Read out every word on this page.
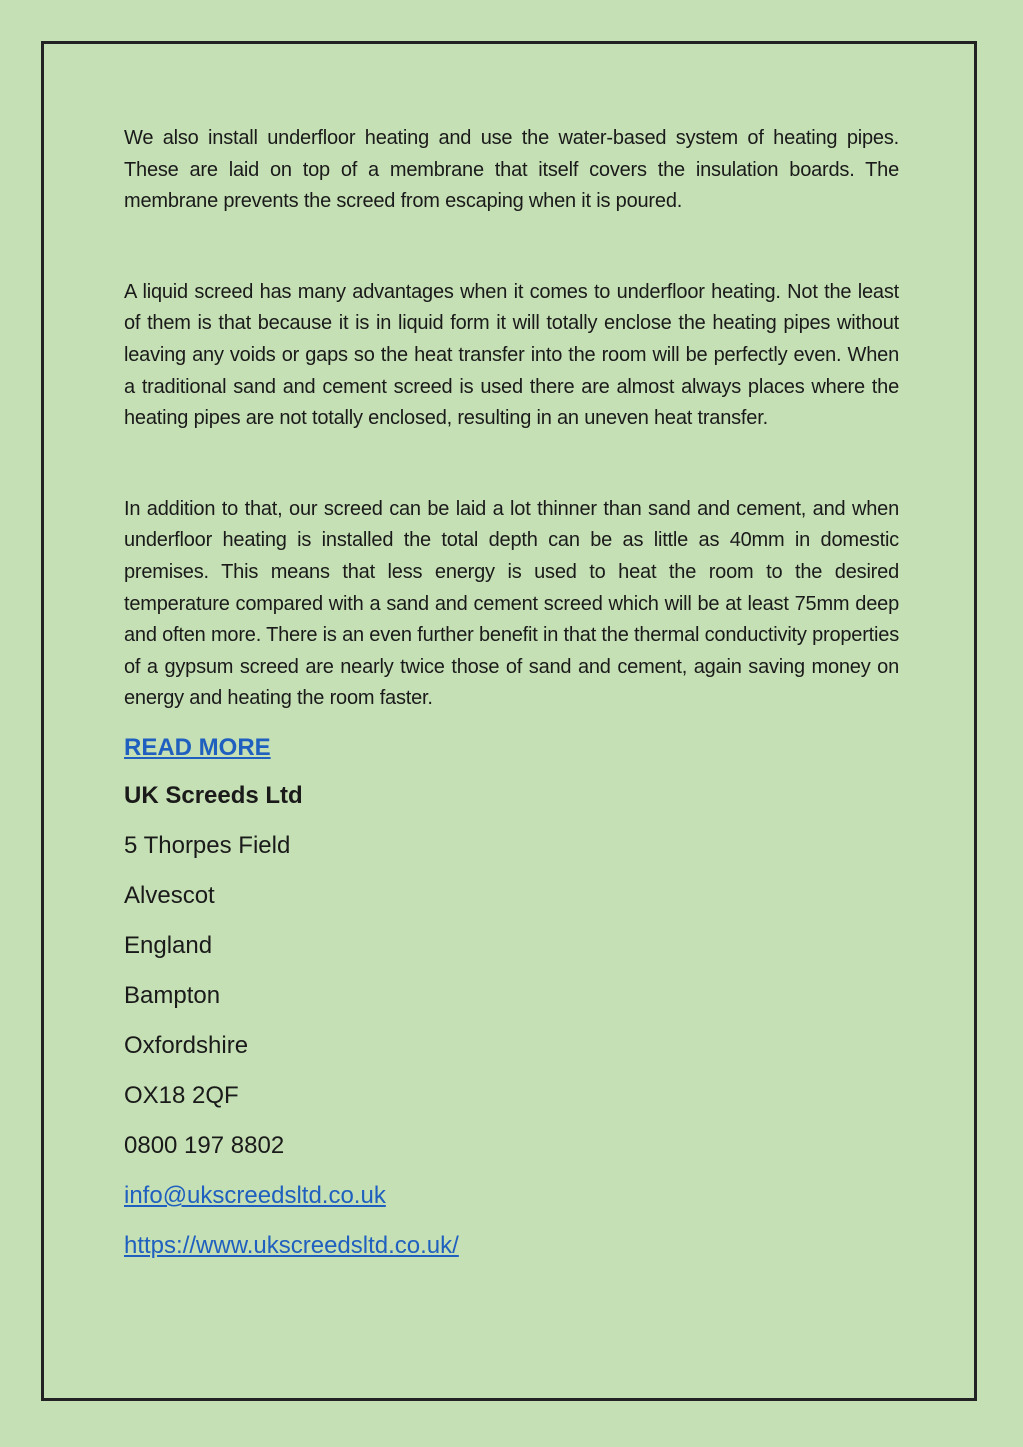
We also install underfloor heating and use the water-based system of heating pipes. These are laid on top of a membrane that itself covers the insulation boards. The membrane prevents the screed from escaping when it is poured.

A liquid screed has many advantages when it comes to underfloor heating. Not the least of them is that because it is in liquid form it will totally enclose the heating pipes without leaving any voids or gaps so the heat transfer into the room will be perfectly even. When a traditional sand and cement screed is used there are almost always places where the heating pipes are not totally enclosed, resulting in an uneven heat transfer.

In addition to that, our screed can be laid a lot thinner than sand and cement, and when underfloor heating is installed the total depth can be as little as 40mm in domestic premises. This means that less energy is used to heat the room to the desired temperature compared with a sand and cement screed which will be at least 75mm deep and often more. There is an even further benefit in that the thermal conductivity properties of a gypsum screed are nearly twice those of sand and cement, again saving money on energy and heating the room faster.

READ MORE
UK Screeds Ltd
5 Thorpes Field
Alvescot
England
Bampton
Oxfordshire
OX18 2QF
0800 197 8802
info@ukscreedsltd.co.uk
https://www.ukscreedsltd.co.uk/
